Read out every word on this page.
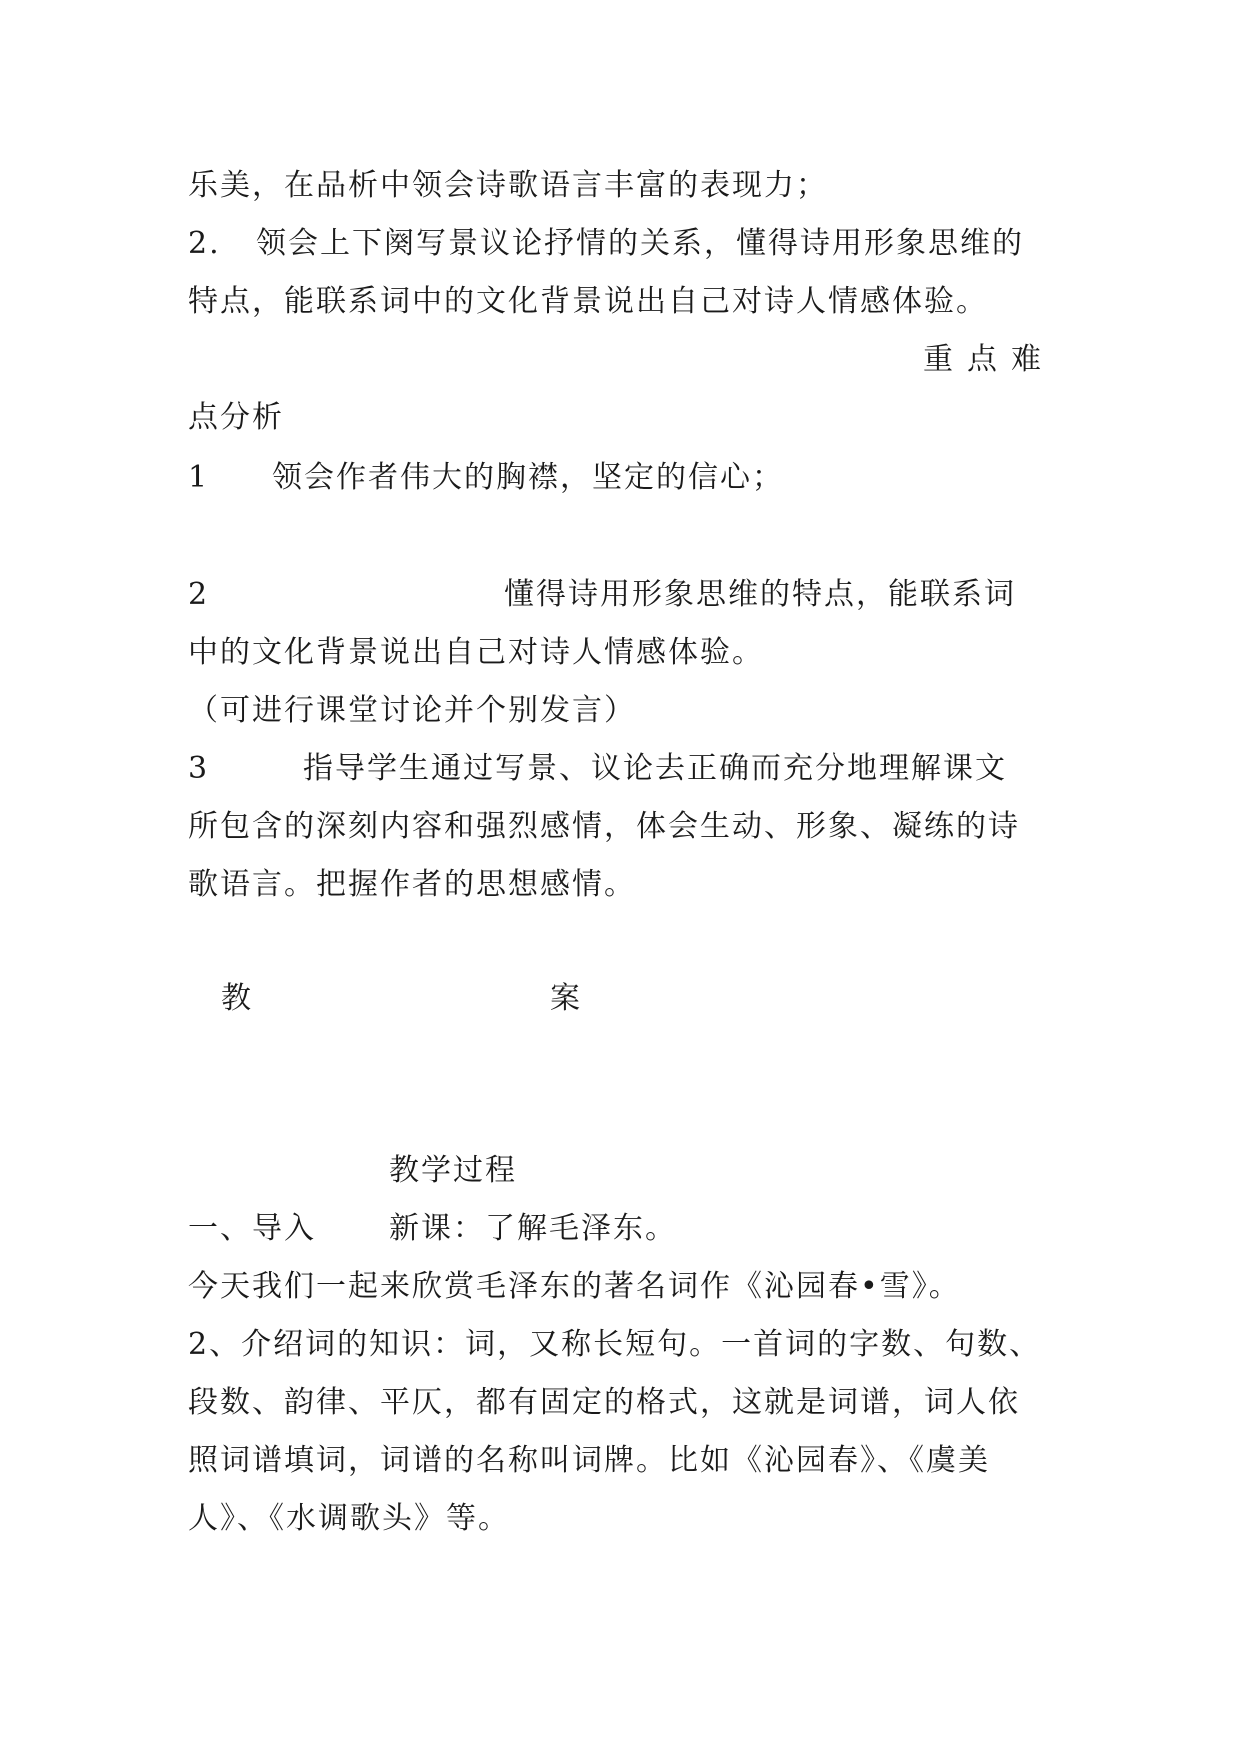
乐美，在品析中领会诗歌语言丰富的表现力；
2. 领会上下阕写景议论抒情的关系，懂得诗用形象思维的
特点，能联系词中的文化背景说出自己对诗人情感体验。
重点难
点分析
1 领会作者伟大的胸襟，坚定的信心；
2	懂得诗用形象思维的特点，能联系词
中的文化背景说出自己对诗人情感体验。
（可进行课堂讨论并个别发言）
3	指导学生通过写景、议论去正确而充分地理解课文
所包含的深刻内容和强烈感情，体会生动、形象、凝练的诗
歌语言。把握作者的思想感情。
教	案
教学过程
一、导入 新课：了解毛泽东。
今天我们一起来欣赏毛泽东的著名词作《沁园春•雪》。
2、介绍词的知识：词，又称长短句。一首词的字数、句数、
段数、韵律、平仄，都有固定的格式，这就是词谱，词人依
照词谱填词，词谱的名称叫词牌。比如《沁园春》、《虞美
人》、《水调歌头》等。
